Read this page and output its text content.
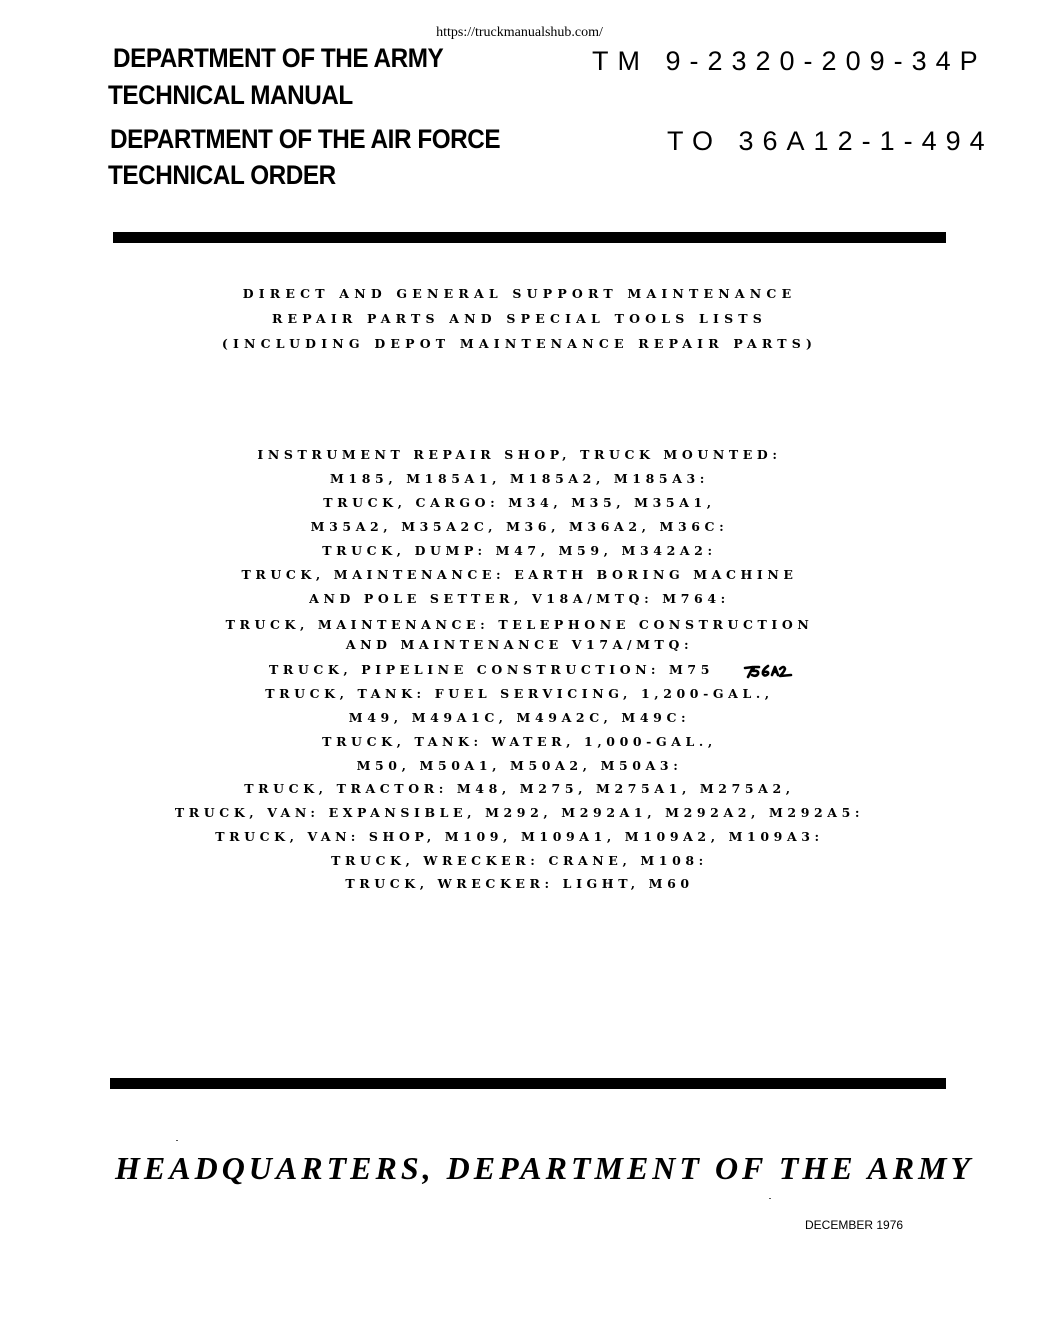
https://truckmanualshub.com/
DEPARTMENT OF THE ARMY	TM 9-2320-209-34P
TECHNICAL MANUAL
DEPARTMENT OF THE AIR FORCE	TO 36A12-1-494
TECHNICAL ORDER
DIRECT AND GENERAL SUPPORT MAINTENANCE
REPAIR PARTS AND SPECIAL TOOLS LISTS
(INCLUDING DEPOT MAINTENANCE REPAIR PARTS)
INSTRUMENT REPAIR SHOP, TRUCK MOUNTED:
M185, M185A1, M185A2, M185A3:
TRUCK, CARGO: M34, M35, M35A1,
M35A2, M35A2C, M36, M36A2, M36C:
TRUCK, DUMP: M47, M59, M342A2:
TRUCK, MAINTENANCE: EARTH BORING MACHINE
AND POLE SETTER, V18A/MTQ: M764:
TRUCK, MAINTENANCE: TELEPHONE CONSTRUCTION
AND MAINTENANCE V17A/MTQ:
TRUCK, PIPELINE CONSTRUCTION: M75
TRUCK, TANK: FUEL SERVICING, 1,200-GAL.,
M49, M49A1C, M49A2C, M49C:
TRUCK, TANK: WATER, 1,000-GAL.,
M50, M50A1, M50A2, M50A3:
TRUCK, TRACTOR: M48, M275, M275A1, M275A2,
TRUCK, VAN: EXPANSIBLE, M292, M292A1, M292A2, M292A5:
TRUCK, VAN: SHOP, M109, M109A1, M109A2, M109A3:
TRUCK, WRECKER: CRANE, M108:
TRUCK, WRECKER: LIGHT, M60
HEADQUARTERS, DEPARTMENT OF THE ARMY
DECEMBER 1976
